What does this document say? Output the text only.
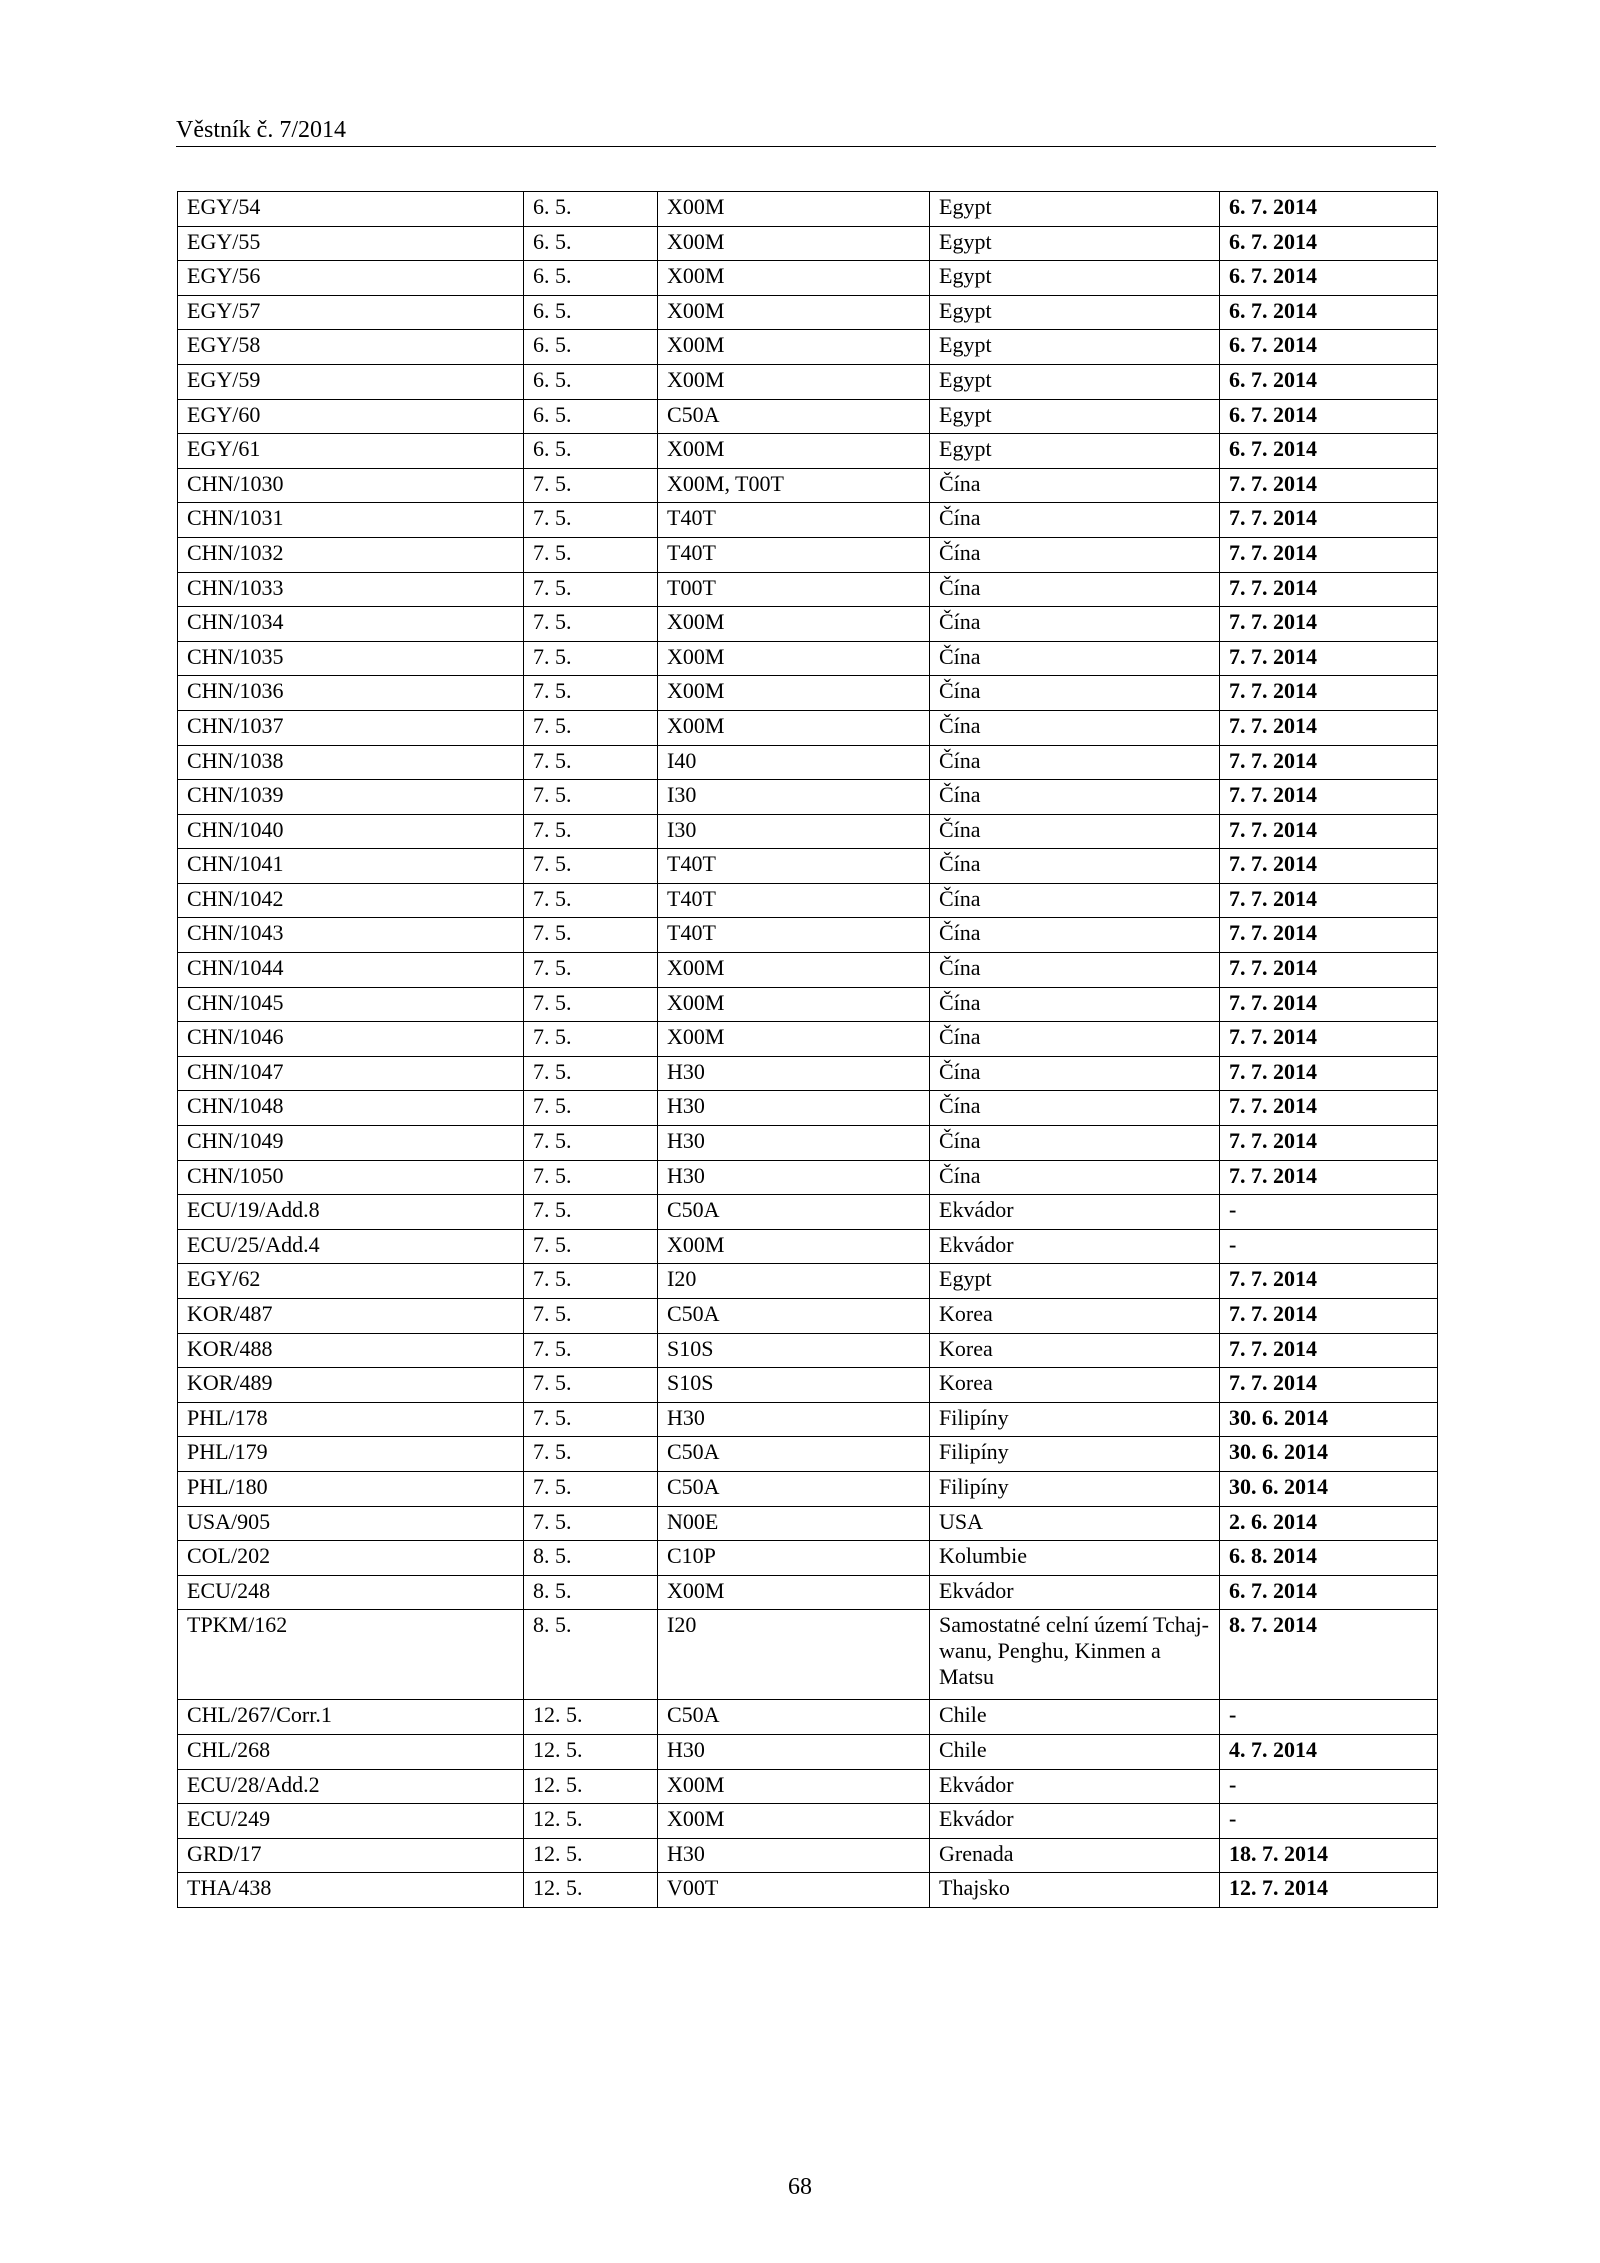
Věstník č. 7/2014
EGY/54	6. 5.	X00M	Egypt	6. 7. 2014
EGY/55	6. 5.	X00M	Egypt	6. 7. 2014
EGY/56	6. 5.	X00M	Egypt	6. 7. 2014
EGY/57	6. 5.	X00M	Egypt	6. 7. 2014
EGY/58	6. 5.	X00M	Egypt	6. 7. 2014
EGY/59	6. 5.	X00M	Egypt	6. 7. 2014
EGY/60	6. 5.	C50A	Egypt	6. 7. 2014
EGY/61	6. 5.	X00M	Egypt	6. 7. 2014
CHN/1030	7. 5.	X00M, T00T	Čína	7. 7. 2014
CHN/1031	7. 5.	T40T	Čína	7. 7. 2014
CHN/1032	7. 5.	T40T	Čína	7. 7. 2014
CHN/1033	7. 5.	T00T	Čína	7. 7. 2014
CHN/1034	7. 5.	X00M	Čína	7. 7. 2014
CHN/1035	7. 5.	X00M	Čína	7. 7. 2014
CHN/1036	7. 5.	X00M	Čína	7. 7. 2014
CHN/1037	7. 5.	X00M	Čína	7. 7. 2014
CHN/1038	7. 5.	I40	Čína	7. 7. 2014
CHN/1039	7. 5.	I30	Čína	7. 7. 2014
CHN/1040	7. 5.	I30	Čína	7. 7. 2014
CHN/1041	7. 5.	T40T	Čína	7. 7. 2014
CHN/1042	7. 5.	T40T	Čína	7. 7. 2014
CHN/1043	7. 5.	T40T	Čína	7. 7. 2014
CHN/1044	7. 5.	X00M	Čína	7. 7. 2014
CHN/1045	7. 5.	X00M	Čína	7. 7. 2014
CHN/1046	7. 5.	X00M	Čína	7. 7. 2014
CHN/1047	7. 5.	H30	Čína	7. 7. 2014
CHN/1048	7. 5.	H30	Čína	7. 7. 2014
CHN/1049	7. 5.	H30	Čína	7. 7. 2014
CHN/1050	7. 5.	H30	Čína	7. 7. 2014
ECU/19/Add.8	7. 5.	C50A	Ekvádor	-
ECU/25/Add.4	7. 5.	X00M	Ekvádor	-
EGY/62	7. 5.	I20	Egypt	7. 7. 2014
KOR/487	7. 5.	C50A	Korea	7. 7. 2014
KOR/488	7. 5.	S10S	Korea	7. 7. 2014
KOR/489	7. 5.	S10S	Korea	7. 7. 2014
PHL/178	7. 5.	H30	Filipíny	30. 6. 2014
PHL/179	7. 5.	C50A	Filipíny	30. 6. 2014
PHL/180	7. 5.	C50A	Filipíny	30. 6. 2014
USA/905	7. 5.	N00E	USA	2. 6. 2014
COL/202	8. 5.	C10P	Kolumbie	6. 8. 2014
ECU/248	8. 5.	X00M	Ekvádor	6. 7. 2014
TPKM/162	8. 5.	I20	Samostatné celní území Tchaj-wanu, Penghu, Kinmen a Matsu	8. 7. 2014
CHL/267/Corr.1	12. 5.	C50A	Chile	-
CHL/268	12. 5.	H30	Chile	4. 7. 2014
ECU/28/Add.2	12. 5.	X00M	Ekvádor	-
ECU/249	12. 5.	X00M	Ekvádor	-
GRD/17	12. 5.	H30	Grenada	18. 7. 2014
THA/438	12. 5.	V00T	Thajsko	12. 7. 2014
68
